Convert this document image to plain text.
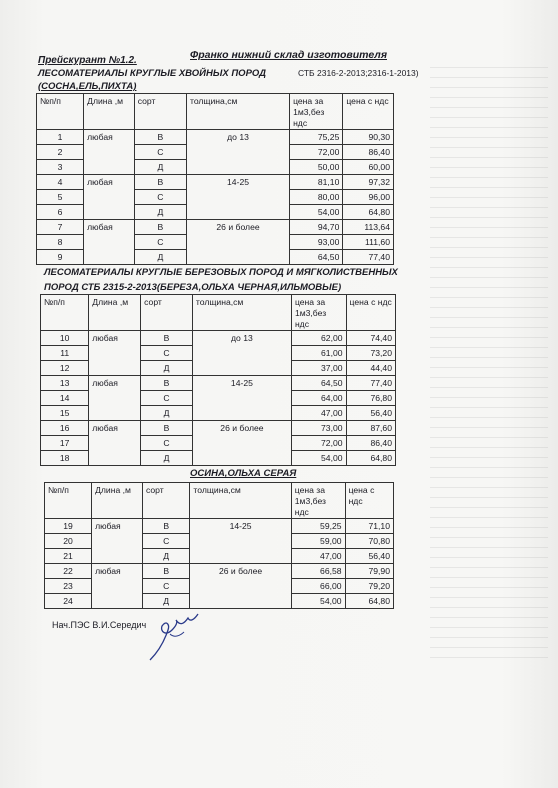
Прейскурант №1.2.	Франко нижний склад изготовителя
ЛЕСОМАТЕРИАЛЫ КРУГЛЫЕ ХВОЙНЫХ ПОРОД	СТБ 2316-2-2013;2316-1-2013)
(СОСНА,ЕЛЬ,ПИХТА)
№п/п	Длина ,м	сорт	толщина,см	цена за 1м3,без ндс	цена с ндс
1	любая	В	до 13	75,25	90,30
2		С		72,00	86,40
3		Д		50,00	60,00
4	любая	В	14-25	81,10	97,32
5		С		80,00	96,00
6		Д		54,00	64,80
7	любая	В	26 и более	94,70	113,64
8		С		93,00	111,60
9		Д		64,50	77,40
ЛЕСОМАТЕРИАЛЫ КРУГЛЫЕ БЕРЕЗОВЫХ ПОРОД И МЯГКОЛИСТВЕННЫХ
ПОРОД СТБ 2315-2-2013(БЕРЕЗА,ОЛЬХА ЧЕРНАЯ,ИЛЬМОВЫЕ)
№п/п	Длина ,м	сорт	толщина,см	цена за 1м3,без ндс	цена с ндс
10	любая	В	до 13	62,00	74,40
11		С		61,00	73,20
12		Д		37,00	44,40
13	любая	В	14-25	64,50	77,40
14		С		64,00	76,80
15		Д		47,00	56,40
16	любая	В	26 и более	73,00	87,60
17		С		72,00	86,40
18		Д		54,00	64,80
ОСИНА,ОЛЬХА СЕРАЯ
№п/п	Длина ,м	сорт	толщина,см	цена за 1м3,без ндс	цена с ндс
19	любая	В	14-25	59,25	71,10
20		С		59,00	70,80
21		Д		47,00	56,40
22	любая	В	26 и более	66,58	79,90
23		С		66,00	79,20
24		Д		54,00	64,80
Нач.ПЭС В.И.Середич
